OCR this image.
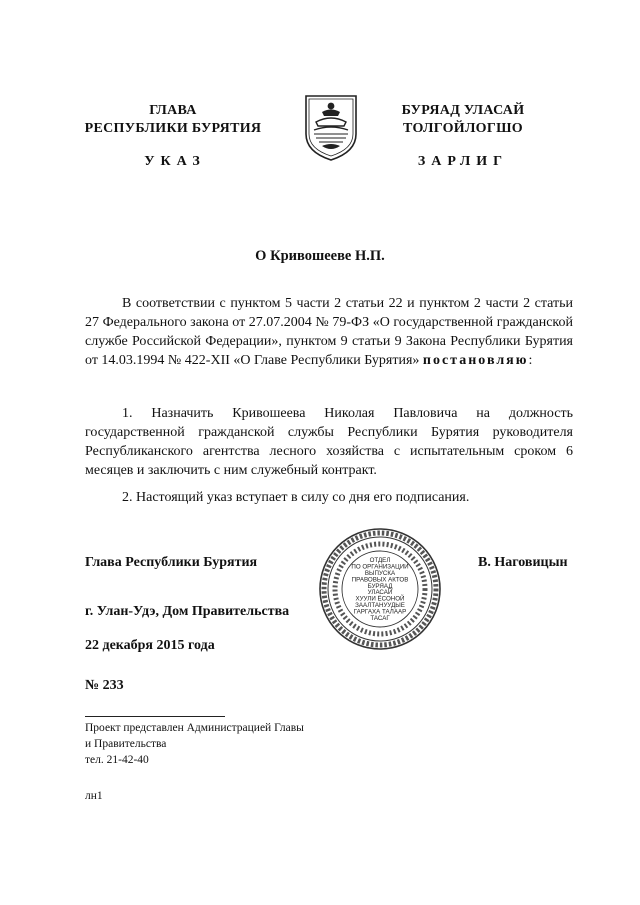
ГЛАВА
РЕСПУБЛИКИ БУРЯТИЯ
УКАЗ
БУРЯАД УЛАСАЙ
ТОЛГОЙЛОГШО
ЗАРЛИГ
О Кривошееве Н.П.
В соответствии с пунктом 5 части 2 статьи 22 и пунктом 2 части 2 статьи 27 Федерального закона от 27.07.2004 № 79-ФЗ «О государственной гражданской службе Российской Федерации», пунктом 9 статьи 9 Закона Республики Бурятия от 14.03.1994 № 422-XII «О Главе Республики Бурятия» постановляю:
1. Назначить Кривошеева Николая Павловича на должность государственной гражданской службы Республики Бурятия руководителя Республиканского агентства лесного хозяйства с испытательным сроком 6 месяцев и заключить с ним служебный контракт.
2. Настоящий указ вступает в силу со дня его подписания.
Глава Республики Бурятия	В. Наговицын
ОТДЕЛ
ПО ОРГАНИЗАЦИИ
ВЫПУСКА
ПРАВОВЫХ АКТОВ
БУРЯАД
УЛАСАЙ
ХУУЛИ ЁСОНОЙ
ЗААЛТАНУУДЫЕ
ГАРГАХА ТАЛААР
ТАСАГ
г. Улан-Удэ, Дом Правительства
22 декабря 2015 года
№ 233
Проект представлен Администрацией Главы
и Правительства
тел. 21-42-40
лн1
